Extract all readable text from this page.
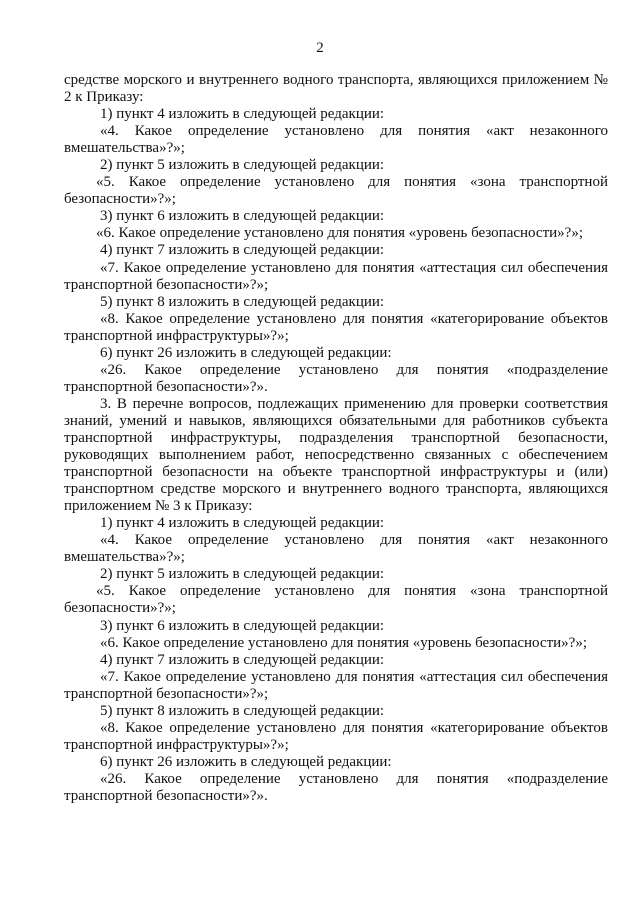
2

средстве морского и внутреннего водного транспорта, являющихся приложением № 2 к Приказу:

1) пункт 4 изложить в следующей редакции:

«4. Какое определение установлено для понятия «акт незаконного вмешательства»?»;

2) пункт 5 изложить в следующей редакции:

«5. Какое определение установлено для понятия «зона транспортной безопасности»?»;

3) пункт 6 изложить в следующей редакции:

«6. Какое определение установлено для понятия «уровень безопасности»?»;

4) пункт 7 изложить в следующей редакции:

«7. Какое определение установлено для понятия «аттестация сил обеспечения транспортной безопасности»?»;

5) пункт 8 изложить в следующей редакции:

«8. Какое определение установлено для понятия «категорирование объектов транспортной инфраструктуры»?»;

6) пункт 26 изложить в следующей редакции:

«26. Какое определение установлено для понятия «подразделение транспортной безопасности»?».

3. В перечне вопросов, подлежащих применению для проверки соответствия знаний, умений и навыков, являющихся обязательными для работников субъекта транспортной инфраструктуры, подразделения транспортной безопасности, руководящих выполнением работ, непосредственно связанных с обеспечением транспортной безопасности на объекте транспортной инфраструктуры и (или) транспортном средстве морского и внутреннего водного транспорта, являющихся приложением № 3 к Приказу:

1) пункт 4 изложить в следующей редакции:

«4. Какое определение установлено для понятия «акт незаконного вмешательства»?»;

2) пункт 5 изложить в следующей редакции:

«5. Какое определение установлено для понятия «зона транспортной безопасности»?»;

3) пункт 6 изложить в следующей редакции:

«6. Какое определение установлено для понятия «уровень безопасности»?»;

4) пункт 7 изложить в следующей редакции:

«7. Какое определение установлено для понятия «аттестация сил обеспечения транспортной безопасности»?»;

5) пункт 8 изложить в следующей редакции:

«8. Какое определение установлено для понятия «категорирование объектов транспортной инфраструктуры»?»;

6) пункт 26 изложить в следующей редакции:

«26. Какое определение установлено для понятия «подразделение транспортной безопасности»?».
